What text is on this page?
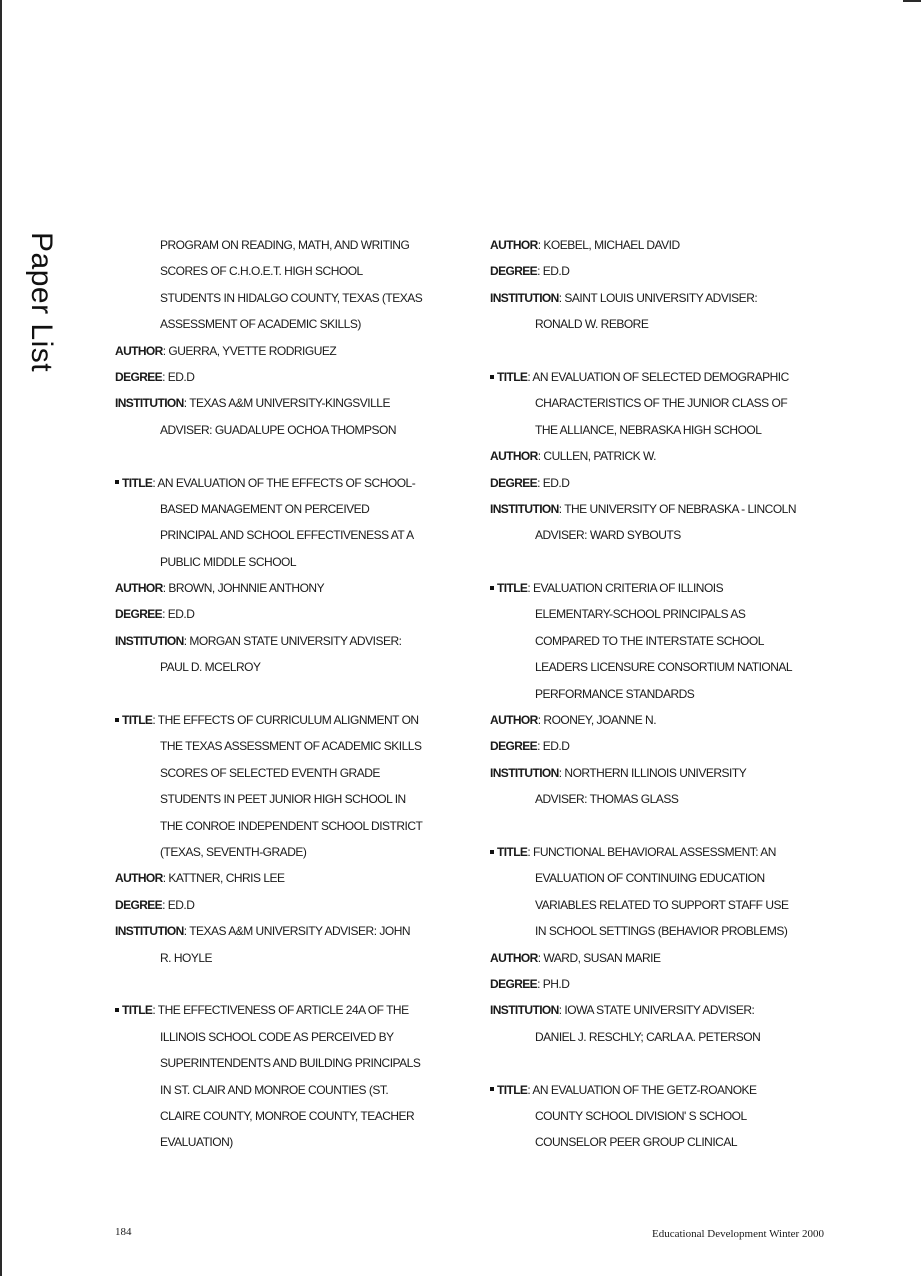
Paper List	PROGRAM ON READING, MATH, AND WRITING
SCORES OF C.H.O.E.T. HIGH SCHOOL
STUDENTS IN HIDALGO COUNTY, TEXAS (TEXAS
ASSESSMENT OF ACADEMIC SKILLS)
AUTHOR: GUERRA, YVETTE RODRIGUEZ
DEGREE: ED.D
INSTITUTION: TEXAS A&M UNIVERSITY-KINGSVILLE
ADVISER: GUADALUPE OCHOA THOMPSON
TITLE: AN EVALUATION OF THE EFFECTS OF SCHOOL-
BASED MANAGEMENT ON PERCEIVED
PRINCIPAL AND SCHOOL EFFECTIVENESS AT A
PUBLIC MIDDLE SCHOOL
AUTHOR: BROWN, JOHNNIE ANTHONY
DEGREE: ED.D
INSTITUTION: MORGAN STATE UNIVERSITY ADVISER:
PAUL D. MCELROY
TITLE: THE EFFECTS OF CURRICULUM ALIGNMENT ON
THE TEXAS ASSESSMENT OF ACADEMIC SKILLS
SCORES OF SELECTED EVENTH GRADE
STUDENTS IN PEET JUNIOR HIGH SCHOOL IN
THE CONROE INDEPENDENT SCHOOL DISTRICT
(TEXAS, SEVENTH-GRADE)
AUTHOR: KATTNER, CHRIS LEE
DEGREE: ED.D
INSTITUTION: TEXAS A&M UNIVERSITY ADVISER: JOHN
R. HOYLE
TITLE: THE EFFECTIVENESS OF ARTICLE 24A OF THE
ILLINOIS SCHOOL CODE AS PERCEIVED BY
SUPERINTENDENTS AND BUILDING PRINCIPALS
IN ST. CLAIR AND MONROE COUNTIES (ST.
CLAIRE COUNTY, MONROE COUNTY, TEACHER
EVALUATION)
AUTHOR: KOEBEL, MICHAEL DAVID
DEGREE: ED.D
INSTITUTION: SAINT LOUIS UNIVERSITY ADVISER:
RONALD W. REBORE
TITLE: AN EVALUATION OF SELECTED DEMOGRAPHIC
CHARACTERISTICS OF THE JUNIOR CLASS OF
THE ALLIANCE, NEBRASKA HIGH SCHOOL
AUTHOR: CULLEN, PATRICK W.
DEGREE: ED.D
INSTITUTION: THE UNIVERSITY OF NEBRASKA - LINCOLN
ADVISER: WARD SYBOUTS
TITLE: EVALUATION CRITERIA OF ILLINOIS
ELEMENTARY-SCHOOL PRINCIPALS AS
COMPARED TO THE INTERSTATE SCHOOL
LEADERS LICENSURE CONSORTIUM NATIONAL
PERFORMANCE STANDARDS
AUTHOR: ROONEY, JOANNE N.
DEGREE: ED.D
INSTITUTION: NORTHERN ILLINOIS UNIVERSITY
ADVISER: THOMAS GLASS
TITLE: FUNCTIONAL BEHAVIORAL ASSESSMENT: AN
EVALUATION OF CONTINUING EDUCATION
VARIABLES RELATED TO SUPPORT STAFF USE
IN SCHOOL SETTINGS (BEHAVIOR PROBLEMS)
AUTHOR: WARD, SUSAN MARIE
DEGREE: PH.D
INSTITUTION: IOWA STATE UNIVERSITY ADVISER:
DANIEL J. RESCHLY; CARLA A. PETERSON
TITLE: AN EVALUATION OF THE GETZ-ROANOKE
COUNTY SCHOOL DIVISION' S SCHOOL
COUNSELOR PEER GROUP CLINICAL
184	Educational Development Winter 2000
